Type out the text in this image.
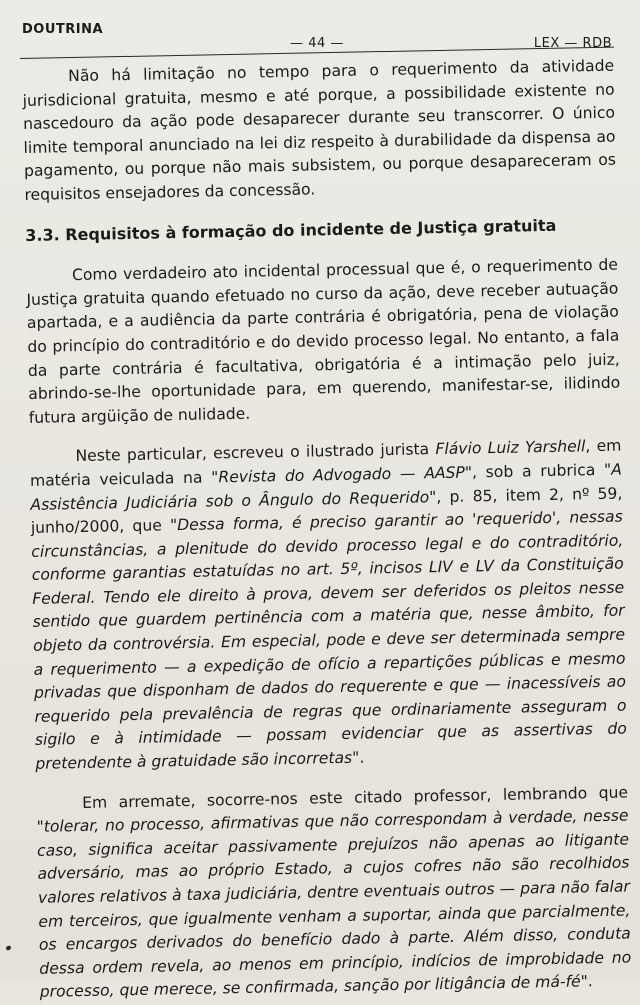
DOUTRINA
— 44 —	LEX — RDB

Não há limitação no tempo para o requerimento da atividade jurisdicional gratuita, mesmo e até porque, a possibilidade existente no nascedouro da ação pode desaparecer durante seu transcorrer. O único limite temporal anunciado na lei diz respeito à durabilidade da dispensa ao pagamento, ou porque não mais subsistem, ou porque desapareceram os requisitos ensejadores da concessão.

3.3. Requisitos à formação do incidente de Justiça gratuita

Como verdadeiro ato incidental processual que é, o requerimento de Justiça gratuita quando efetuado no curso da ação, deve receber autuação apartada, e a audiência da parte contrária é obrigatória, pena de violação do princípio do contraditório e do devido processo legal. No entanto, a fala da parte contrária é facultativa, obrigatória é a intimação pelo juiz, abrindo-se-lhe oportunidade para, em querendo, manifestar-se, ilidindo futura argüição de nulidade.

Neste particular, escreveu o ilustrado jurista Flávio Luiz Yarshell, em matéria veiculada na "Revista do Advogado — AASP", sob a rubrica "A Assistência Judiciária sob o Ângulo do Requerido", p. 85, item 2, nº 59, junho/2000, que "Dessa forma, é preciso garantir ao 'requerido', nessas circunstâncias, a plenitude do devido processo legal e do contraditório, conforme garantias estatuídas no art. 5º, incisos LIV e LV da Constituição Federal. Tendo ele direito à prova, devem ser deferidos os pleitos nesse sentido que guardem pertinência com a matéria que, nesse âmbito, for objeto da controvérsia. Em especial, pode e deve ser determinada sempre a requerimento — a expedição de ofício a repartições públicas e mesmo privadas que disponham de dados do requerente e que — inacessíveis ao requerido pela prevalência de regras que ordinariamente asseguram o sigilo e à intimidade — possam evidenciar que as assertivas do pretendente à gratuidade são incorretas".

Em arremate, socorre-nos este citado professor, lembrando que "tolerar, no processo, afirmativas que não correspondam à verdade, nesse caso, significa aceitar passivamente prejuízos não apenas ao litigante adversário, mas ao próprio Estado, a cujos cofres não são recolhidos valores relativos à taxa judiciária, dentre eventuais outros — para não falar em terceiros, que igualmente venham a suportar, ainda que parcialmente, os encargos derivados do benefício dado à parte. Além disso, conduta dessa ordem revela, ao menos em princípio, indícios de improbidade no processo, que merece, se confirmada, sanção por litigância de má-fé".
